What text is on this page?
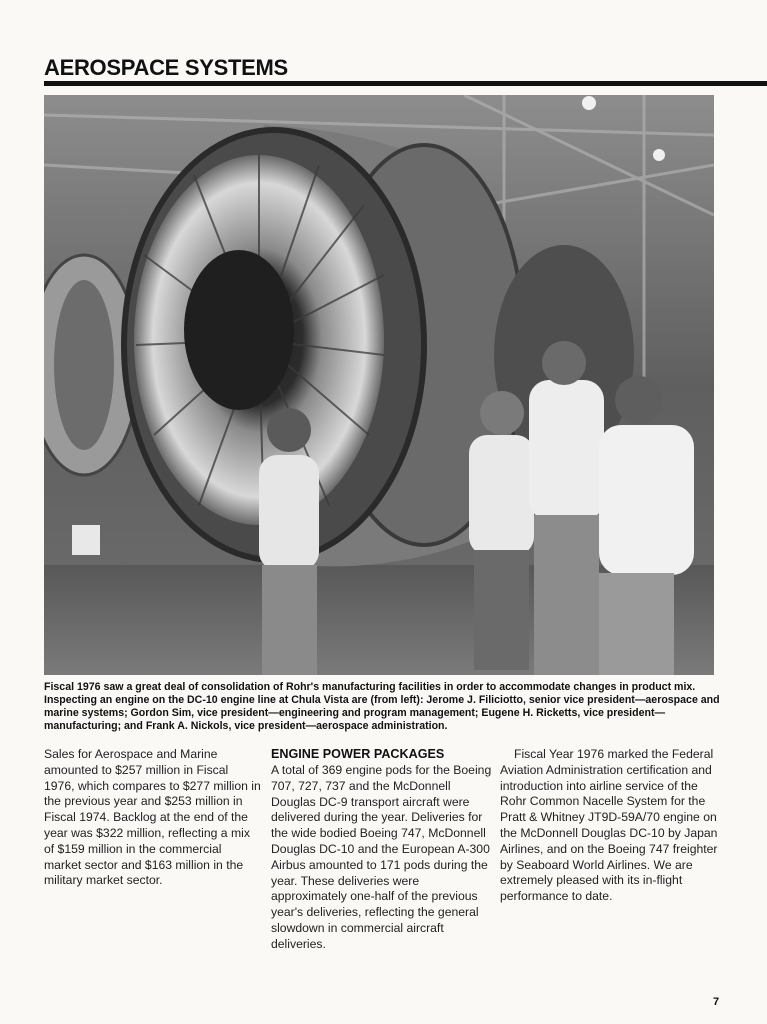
AEROSPACE SYSTEMS
Fiscal 1976 saw a great deal of consolidation of Rohr's manufacturing facilities in order to accommodate changes in product mix. Inspecting an engine on the DC-10 engine line at Chula Vista are (from left): Jerome J. Filiciotto, senior vice president—aerospace and marine systems; Gordon Sim, vice president—engineering and program management; Eugene H. Ricketts, vice president—manufacturing; and Frank A. Nickols, vice president—aerospace administration.

Sales for Aerospace and Marine amounted to $257 million in Fiscal 1976, which compares to $277 million in the previous year and $253 million in Fiscal 1974. Backlog at the end of the year was $322 million, reflecting a mix of $159 million in the commercial market sector and $163 million in the military market sector.

ENGINE POWER PACKAGES

A total of 369 engine pods for the Boeing 707, 727, 737 and the McDonnell Douglas DC-9 transport aircraft were delivered during the year. Deliveries for the wide bodied Boeing 747, McDonnell Douglas DC-10 and the European A-300 Airbus amounted to 171 pods during the year. These deliveries were approximately one-half of the previous year's deliveries, reflecting the general slowdown in commercial aircraft deliveries.

Fiscal Year 1976 marked the Federal Aviation Administration certification and introduction into airline service of the Rohr Common Nacelle System for the Pratt & Whitney JT9D-59A/70 engine on the McDonnell Douglas DC-10 by Japan Airlines, and on the Boeing 747 freighter by Seaboard World Airlines. We are extremely pleased with its in-flight performance to date.

7
